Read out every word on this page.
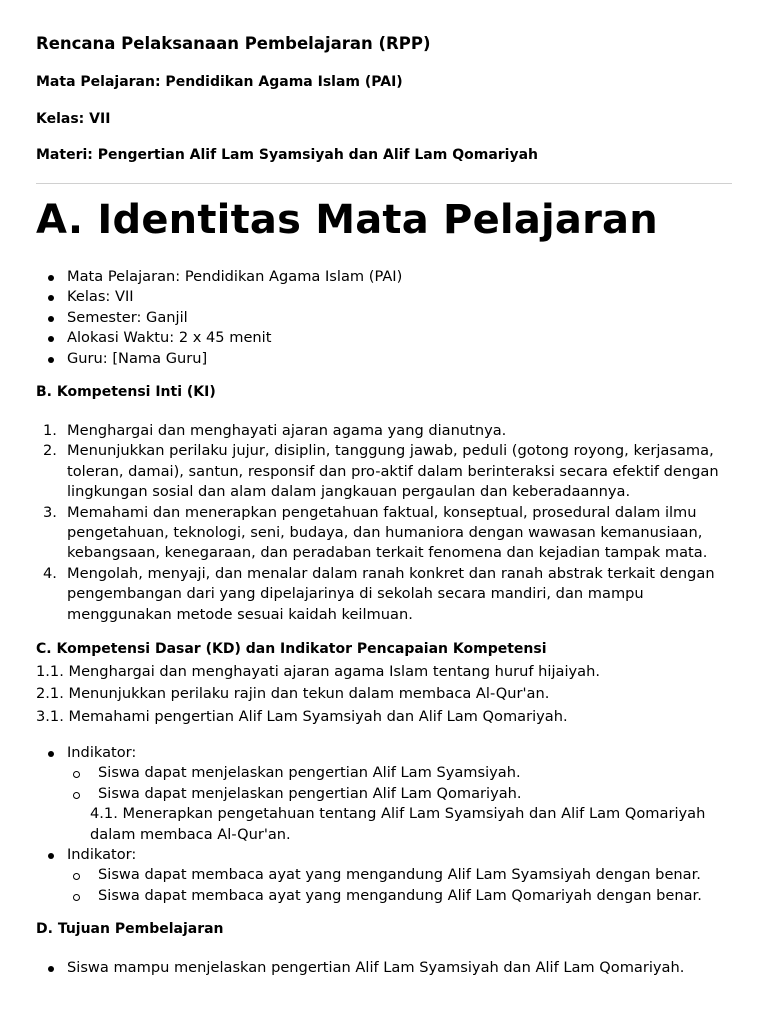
Rencana Pelaksanaan Pembelajaran (RPP)

Mata Pelajaran: Pendidikan Agama Islam (PAI)

Kelas: VII

Materi: Pengertian Alif Lam Syamsiyah dan Alif Lam Qomariyah

A. Identitas Mata Pelajaran
Mata Pelajaran: Pendidikan Agama Islam (PAI)
Kelas: VII
Semester: Ganjil
Alokasi Waktu: 2 x 45 menit
Guru: [Nama Guru]
B. Kompetensi Inti (KI)
1. Menghargai dan menghayati ajaran agama yang dianutnya.
2. Menunjukkan perilaku jujur, disiplin, tanggung jawab, peduli (gotong royong, kerjasama, toleran, damai), santun, responsif dan pro-aktif dalam berinteraksi secara efektif dengan lingkungan sosial dan alam dalam jangkauan pergaulan dan keberadaannya.
3. Memahami dan menerapkan pengetahuan faktual, konseptual, prosedural dalam ilmu pengetahuan, teknologi, seni, budaya, dan humaniora dengan wawasan kemanusiaan, kebangsaan, kenegaraan, dan peradaban terkait fenomena dan kejadian tampak mata.
4. Mengolah, menyaji, dan menalar dalam ranah konkret dan ranah abstrak terkait dengan pengembangan dari yang dipelajarinya di sekolah secara mandiri, dan mampu menggunakan metode sesuai kaidah keilmuan.
C. Kompetensi Dasar (KD) dan Indikator Pencapaian Kompetensi

1.1. Menghargai dan menghayati ajaran agama Islam tentang huruf hijaiyah.

2.1. Menunjukkan perilaku rajin dan tekun dalam membaca Al-Qur'an.

3.1. Memahami pengertian Alif Lam Syamsiyah dan Alif Lam Qomariyah.

Indikator:
Siswa dapat menjelaskan pengertian Alif Lam Syamsiyah.
Siswa dapat menjelaskan pengertian Alif Lam Qomariyah.
4.1. Menerapkan pengetahuan tentang Alif Lam Syamsiyah dan Alif Lam Qomariyah dalam membaca Al-Qur'an.
Indikator:
Siswa dapat membaca ayat yang mengandung Alif Lam Syamsiyah dengan benar.
Siswa dapat membaca ayat yang mengandung Alif Lam Qomariyah dengan benar.
D. Tujuan Pembelajaran
Siswa mampu menjelaskan pengertian Alif Lam Syamsiyah dan Alif Lam Qomariyah.
